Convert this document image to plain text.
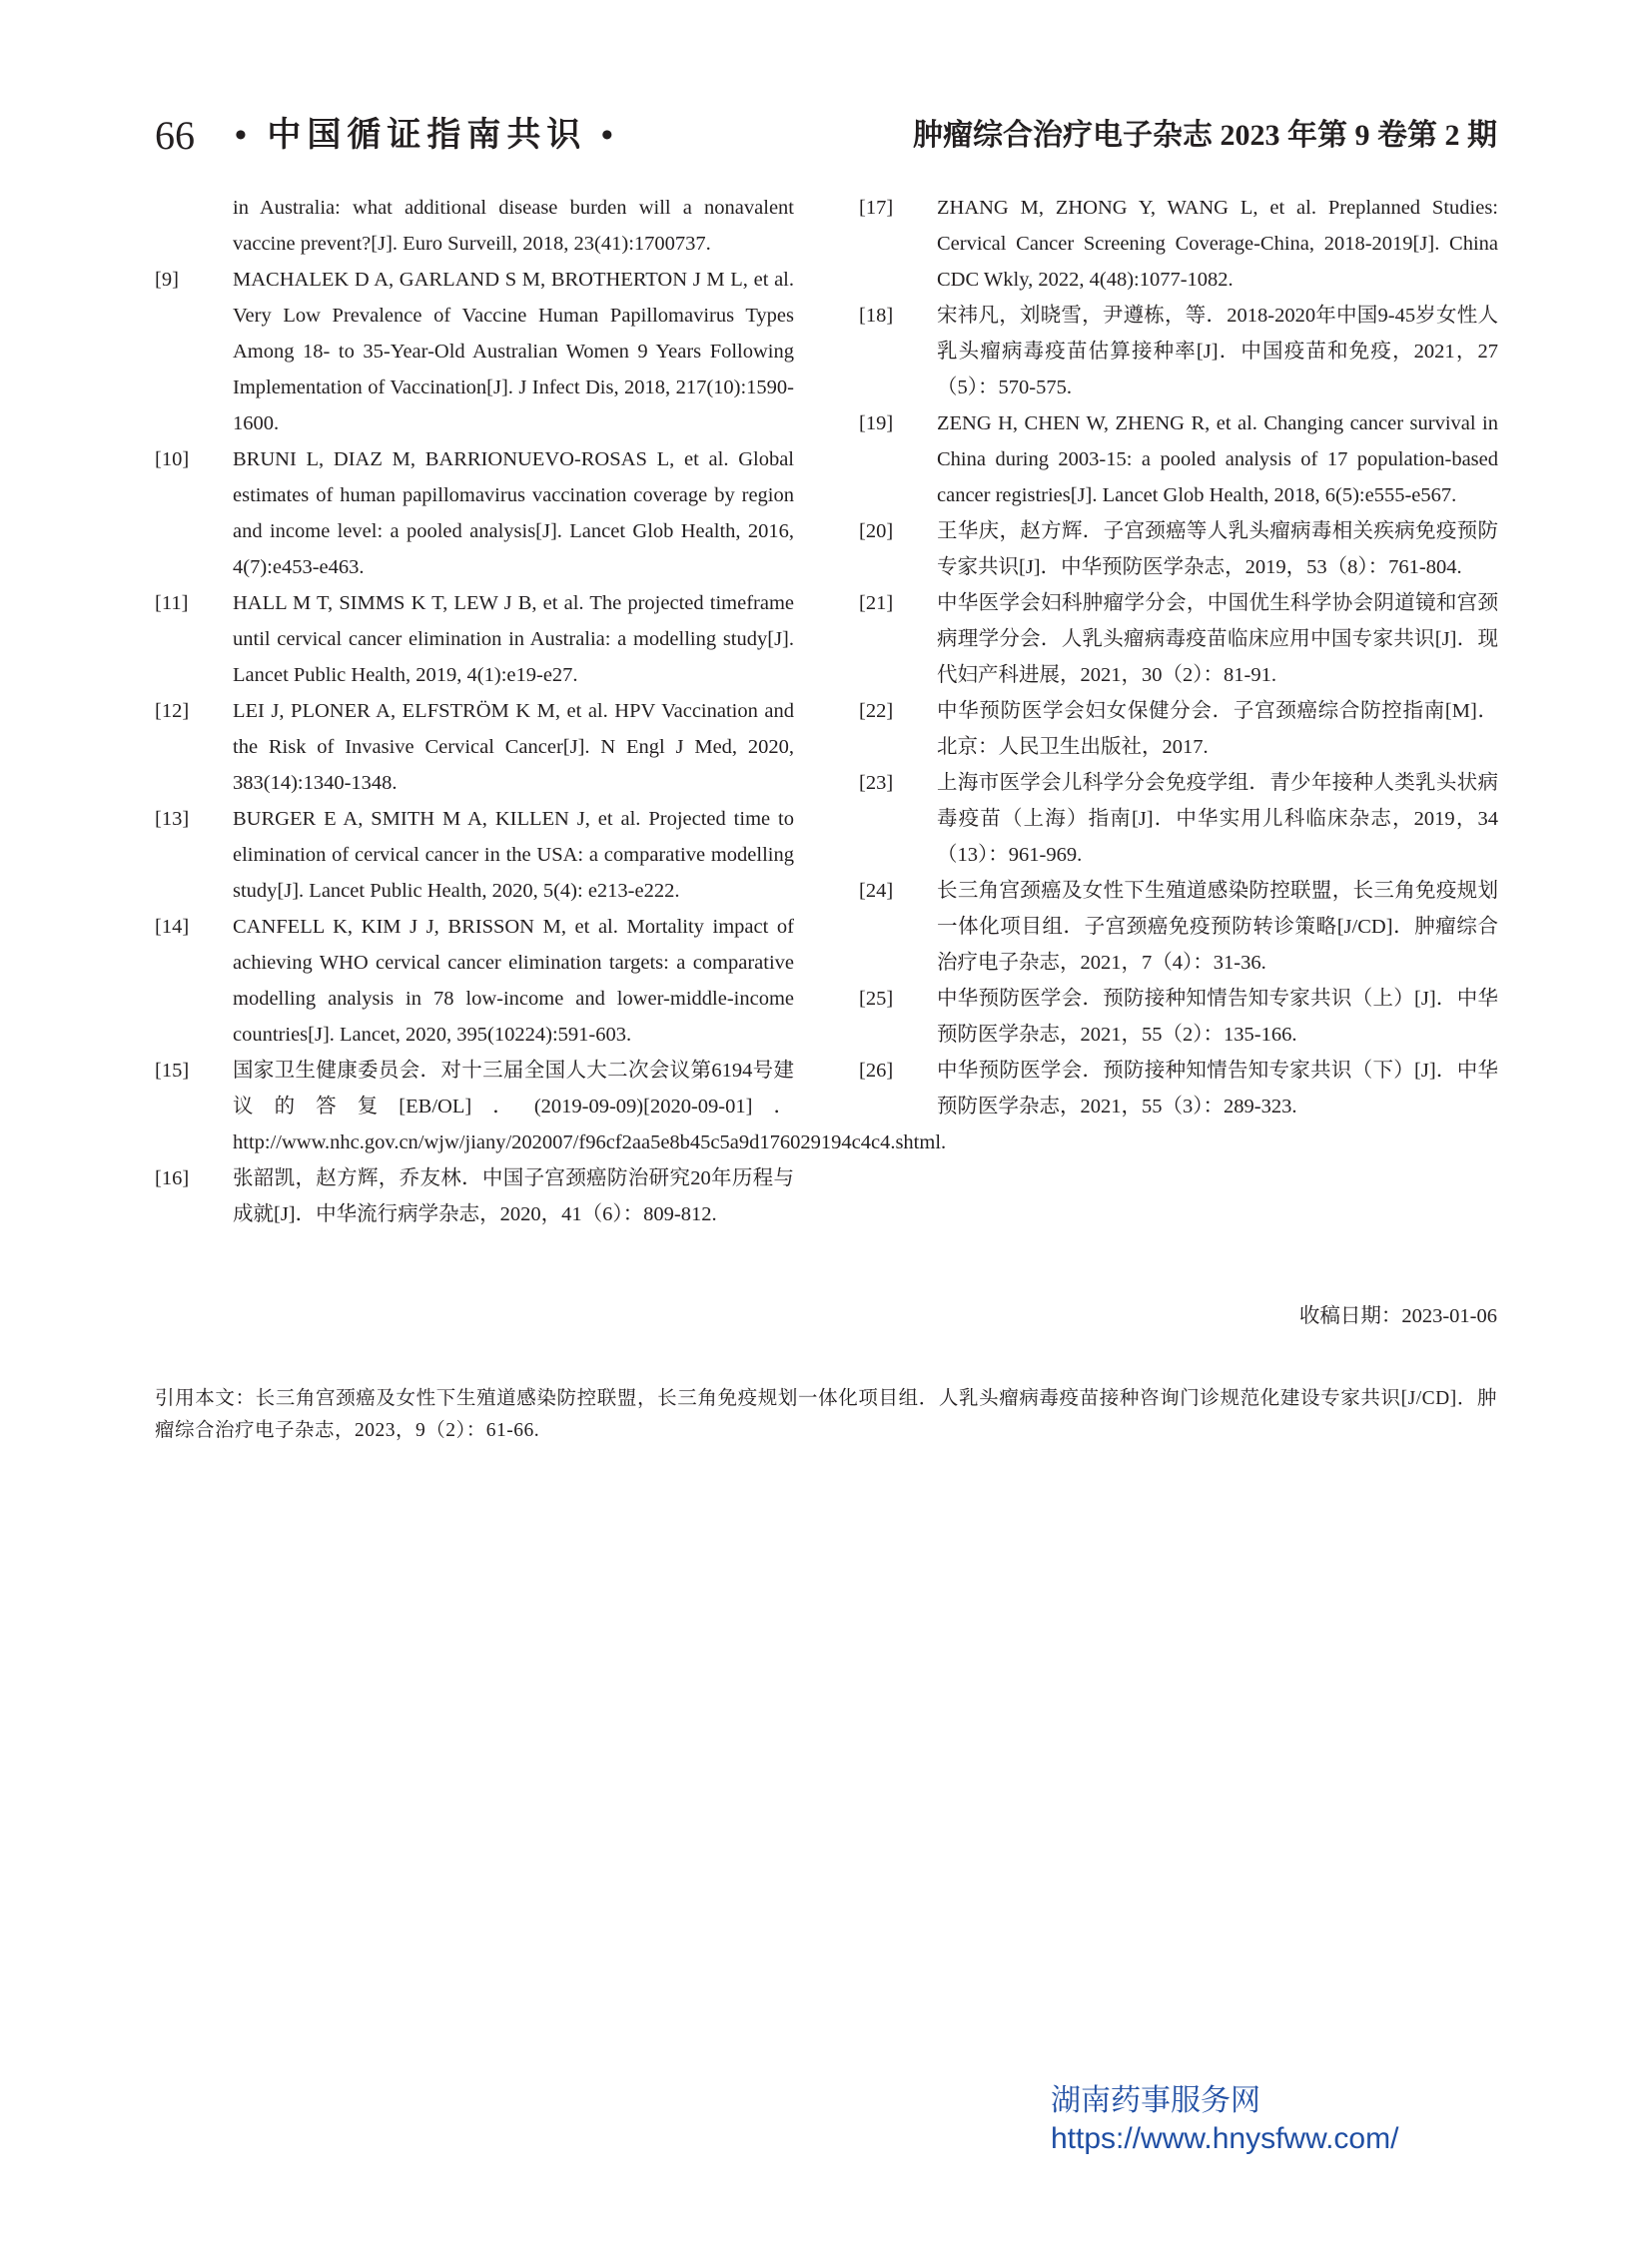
66 • 中国循证指南共识 •	肿瘤综合治疗电子杂志 2023 年第 9 卷第 2 期
in Australia: what additional disease burden will a nonavalent vaccine prevent?[J]. Euro Surveill, 2018, 23(41):1700737.
[9]	MACHALEK D A, GARLAND S M, BROTHERTON J M L, et al. Very Low Prevalence of Vaccine Human Papillomavirus Types Among 18- to 35-Year-Old Australian Women 9 Years Following Implementation of Vaccination[J]. J Infect Dis, 2018, 217(10):1590-1600.
[10] BRUNI L, DIAZ M, BARRIONUEVO-ROSAS L, et al. Global estimates of human papillomavirus vaccination coverage by region and income level: a pooled analysis[J]. Lancet Glob Health, 2016, 4(7):e453-e463.
[11] HALL M T, SIMMS K T, LEW J B, et al. The projected timeframe until cervical cancer elimination in Australia: a modelling study[J]. Lancet Public Health, 2019, 4(1):e19-e27.
[12] LEI J, PLONER A, ELFSTRÖM K M, et al. HPV Vaccination and the Risk of Invasive Cervical Cancer[J]. N Engl J Med, 2020, 383(14):1340-1348.
[13] BURGER E A, SMITH M A, KILLEN J, et al. Projected time to elimination of cervical cancer in the USA: a comparative modelling study[J]. Lancet Public Health, 2020, 5(4): e213-e222.
[14] CANFELL K, KIM J J, BRISSON M, et al. Mortality impact of achieving WHO cervical cancer elimination targets: a comparative modelling analysis in 78 low-income and lower-middle-income countries[J]. Lancet, 2020, 395(10224):591-603.
[15] 国家卫生健康委员会．对十三届全国人大二次会议第6194号建议的答复[EB/OL]．(2019-09-09)[2020-09-01]．http://www.nhc.gov.cn/wjw/jiany/202007/f96cf2aa5e8b45c5a9d176029194c4c4.shtml.
[16] 张韶凯，赵方辉，乔友林．中国子宫颈癌防治研究20年历程与成就[J]．中华流行病学杂志，2020，41（6）：809-812.
[17] ZHANG M, ZHONG Y, WANG L, et al. Preplanned Studies: Cervical Cancer Screening Coverage-China, 2018-2019[J]. China CDC Wkly, 2022, 4(48):1077-1082.
[18] 宋祎凡，刘晓雪，尹遵栋，等．2018-2020年中国9-45岁女性人乳头瘤病毒疫苗估算接种率[J]．中国疫苗和免疫，2021，27（5）：570-575.
[19] ZENG H, CHEN W, ZHENG R, et al. Changing cancer survival in China during 2003-15: a pooled analysis of 17 population-based cancer registries[J]. Lancet Glob Health, 2018, 6(5):e555-e567.
[20] 王华庆，赵方辉．子宫颈癌等人乳头瘤病毒相关疾病免疫预防专家共识[J]．中华预防医学杂志，2019，53（8）：761-804.
[21] 中华医学会妇科肿瘤学分会，中国优生科学协会阴道镜和宫颈病理学分会．人乳头瘤病毒疫苗临床应用中国专家共识[J]．现代妇产科进展，2021，30（2）：81-91.
[22] 中华预防医学会妇女保健分会．子宫颈癌综合防控指南[M]．北京：人民卫生出版社，2017.
[23] 上海市医学会儿科学分会免疫学组．青少年接种人类乳头状病毒疫苗（上海）指南[J]．中华实用儿科临床杂志，2019，34（13）：961-969.
[24] 长三角宫颈癌及女性下生殖道感染防控联盟，长三角免疫规划一体化项目组．子宫颈癌免疫预防转诊策略[J/CD]．肿瘤综合治疗电子杂志，2021，7（4）：31-36.
[25] 中华预防医学会．预防接种知情告知专家共识（上）[J]．中华预防医学杂志，2021，55（2）：135-166.
[26] 中华预防医学会．预防接种知情告知专家共识（下）[J]．中华预防医学杂志，2021，55（3）：289-323.
收稿日期：2023-01-06
引用本文：长三角宫颈癌及女性下生殖道感染防控联盟，长三角免疫规划一体化项目组．人乳头瘤病毒疫苗接种咨询门诊规范化建设专家共识[J/CD]．肿瘤综合治疗电子杂志，2023，9（2）：61-66.
湖南药事服务网
https://www.hnysfww.com/
